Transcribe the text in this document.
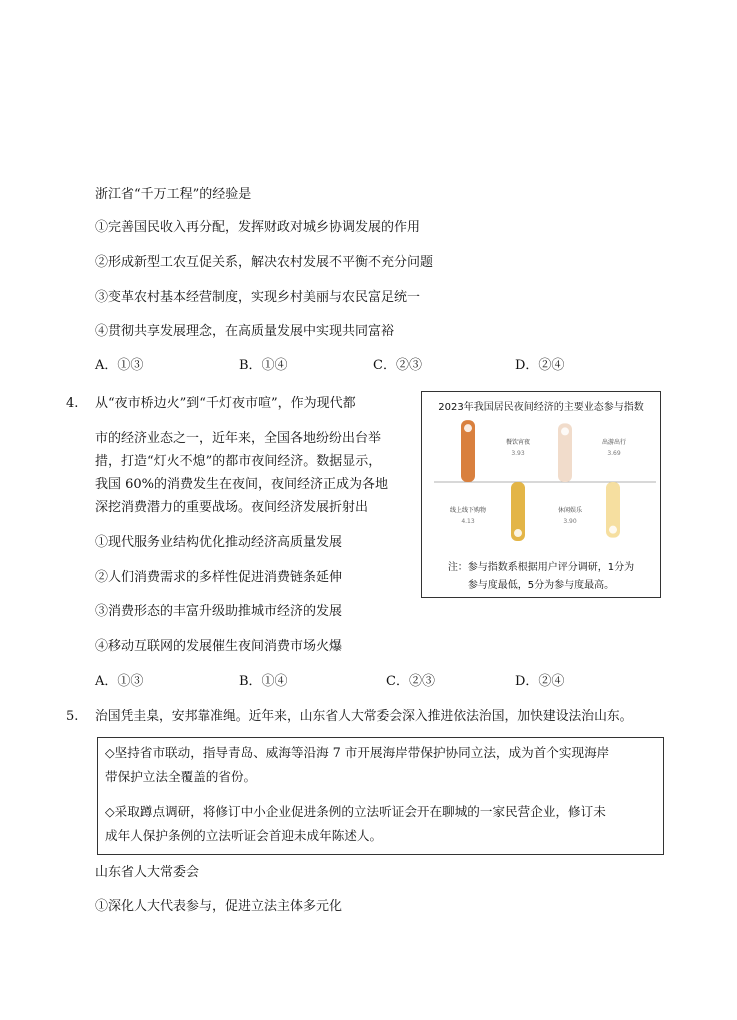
浙江省“千万工程”的经验是
①完善国民收入再分配，发挥财政对城乡协调发展的作用
②形成新型工农互促关系，解决农村发展不平衡不充分问题
③变革农村基本经营制度，实现乡村美丽与农民富足统一
④贯彻共享发展理念，在高质量发展中实现共同富裕
A．①③	B．①④	C．②③	D．②④
4. 从“夜市桥边火”到“千灯夜市喧”，作为现代都
市的经济业态之一，近年来，全国各地纷纷出台举
措，打造“灯火不熄”的都市夜间经济。数据显示，
我国 60%的消费发生在夜间，夜间经济正成为各地
深挖消费潜力的重要战场。夜间经济发展折射出
①现代服务业结构优化推动经济高质量发展
②人们消费需求的多样性促进消费链条延伸
③消费形态的丰富升级助推城市经济的发展
④移动互联网的发展催生夜间消费市场火爆
A．①③	B．①④	C．②③	D．②④
2023年我国居民夜间经济的主要业态参与指数
线上线下购物
4.13
餐饮宵夜
3.93
休闲娱乐
3.90
出游出行
3.69
注：参与指数系根据用户评分调研，1分为
参与度最低，5分为参与度最高。
5. 治国凭圭臬，安邦靠准绳。近年来，山东省人大常委会深入推进依法治国，加快建设法治山东。
◇坚持省市联动，指导青岛、威海等沿海 7 市开展海岸带保护协同立法，成为首个实现海岸
带保护立法全覆盖的省份。
◇采取蹲点调研，将修订中小企业促进条例的立法听证会开在聊城的一家民营企业，修订未
成年人保护条例的立法听证会首迎未成年陈述人。
山东省人大常委会
①深化人大代表参与，促进立法主体多元化
